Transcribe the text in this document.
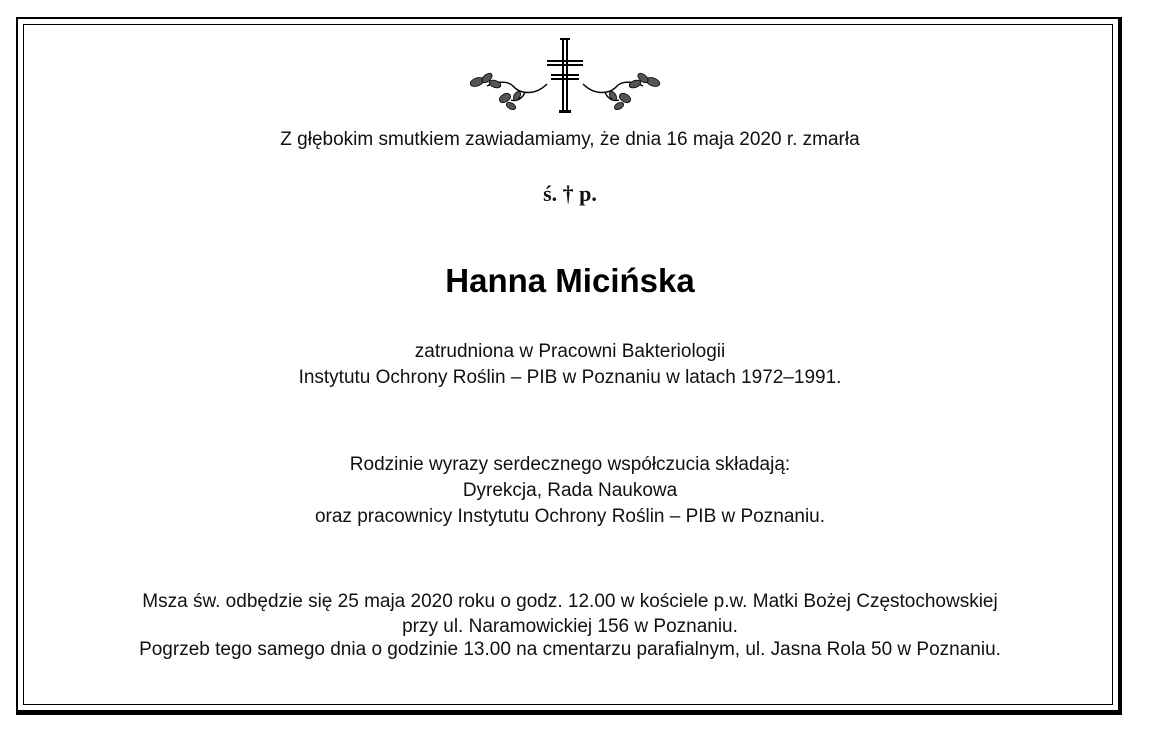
Z głębokim smutkiem zawiadamiamy, że dnia 16 maja 2020 r. zmarła
ś. † p.
Hanna Micińska
zatrudniona w Pracowni Bakteriologii
Instytutu Ochrony Roślin – PIB w Poznaniu w latach 1972–1991.
Rodzinie wyrazy serdecznego współczucia składają:
Dyrekcja, Rada Naukowa
oraz pracownicy Instytutu Ochrony Roślin – PIB w Poznaniu.
Msza św. odbędzie się 25 maja 2020 roku o godz. 12.00 w kościele p.w. Matki Bożej Częstochowskiej
przy ul. Naramowickiej 156 w Poznaniu.
Pogrzeb tego samego dnia o godzinie 13.00 na cmentarzu parafialnym, ul. Jasna Rola 50 w Poznaniu.
